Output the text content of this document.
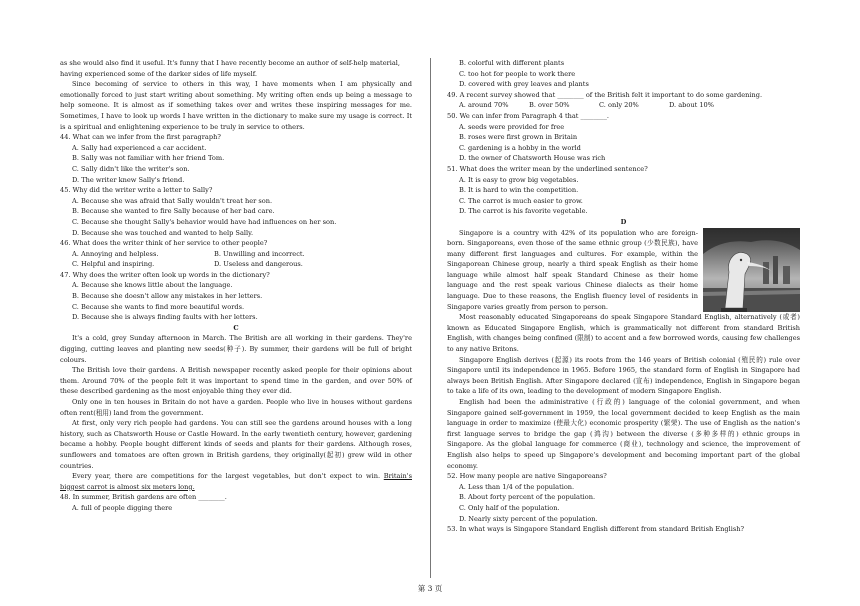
as she would also find it useful. It's funny that I have recently become an author of self-help material,

having experienced some of the darker sides of life myself.

Since becoming of service to others in this way, I have moments when I am physically and emotionally forced to just start writing about something. My writing often ends up being a message to help someone. It is almost as if something takes over and writes these inspiring messages for me. Sometimes, I have to look up words I have written in the dictionary to make sure my usage is correct. It is a spiritual and enlightening experience to be truly in service to others.

44. What can we infer from the first paragraph?

A. Sally had experienced a car accident.

B. Sally was not familiar with her friend Tom.

C. Sally didn't like the writer's son.

D. The writer knew Sally's friend.

45. Why did the writer write a letter to Sally?

A. Because she was afraid that Sally wouldn't treat her son.

B. Because she wanted to fire Sally because of her bad care.

C. Because she thought Sally's behavior would have had influences on her son.

D. Because she was touched and wanted to help Sally.

46. What does the writer think of her service to other people?

A. Annoying and helpless.	B. Unwilling and incorrect.
C. Helpful and inspiring.	D. Useless and dangerous.

47. Why does the writer often look up words in the dictionary?

A. Because she knows little about the language.

B. Because she doesn't allow any mistakes in her letters.

C. Because she wants to find more beautiful words.

D. Because she is always finding faults with her letters.

C

It's a cold, grey Sunday afternoon in March. The British are all working in their gardens. They're digging, cutting leaves and planting new seeds(种子). By summer, their gardens will be full of bright colours.

The British love their gardens. A British newspaper recently asked people for their opinions about them. Around 70% of the people felt it was important to spend time in the garden, and over 50% of these described gardening as the most enjoyable thing they ever did.

Only one in ten houses in Britain do not have a garden. People who live in houses without gardens often rent(租用) land from the government.

At first, only very rich people had gardens. You can still see the gardens around houses with a long history, such as Chatsworth House or Castle Howard. In the early twentieth century, however, gardening became a hobby. People bought different kinds of seeds and plants for their gardens. Although roses, sunflowers and tomatoes are often grown in British gardens, they originally(起初) grew wild in other countries.

Every year, there are competitions for the largest vegetables, but don't expect to win. Britain's biggest carrot is almost six meters long.

48. In summer, British gardens are often ________.

A. full of people digging there

B. colorful with different plants

C. too hot for people to work there

D. covered with grey leaves and plants

49. A recent survey showed that ________ of the British felt it important to do some gardening.

A. around 70%	B. over 50%	C. only 20%	D. about 10%

50. We can infer from Paragraph 4 that ________.

A. seeds were provided for free

B. roses were first grown in Britain

C. gardening is a hobby in the world

D. the owner of Chatsworth House was rich

51. What does the writer mean by the underlined sentence?

A. It is easy to grow big vegetables.

B. It is hard to win the competition.

C. The carrot is much easier to grow.

D. The carrot is his favorite vegetable.

D

Singapore is a country with 42% of its population who are foreign-born. Singaporeans, even those of the same ethnic group (少数民族), have many different first languages and cultures. For example, within the Singaporean Chinese group, nearly a third speak English as their home language while almost half speak Standard Chinese as their home language and the rest speak various Chinese dialects as their home language. Due to these reasons, the English fluency level of residents in Singapore varies greatly from person to person.

Most reasonably educated Singaporeans do speak Singapore Standard English, alternatively (或者) known as Educated Singapore English, which is grammatically not different from standard British English, with changes being confined (限制) to accent and a few borrowed words, causing few challenges to any native Britons.

Singapore English derives (起源) its roots from the 146 years of British colonial (殖民的) rule over Singapore until its independence in 1965. Before 1965, the standard form of English in Singapore had always been British English. After Singapore declared (宣布) independence, English in Singapore began to take a life of its own, leading to the development of modern Singapore English.

English had been the administrative (行政的) language of the colonial government, and when Singapore gained self-government in 1959, the local government decided to keep English as the main language in order to maximize (使最大化) economic prosperity (繁荣). The use of English as the nation's first language serves to bridge the gap (鸿沟) between the diverse (多种多样的) ethnic groups in Singapore. As the global language for commerce (商业), technology and science, the improvement of English also helps to speed up Singapore's development and becoming important part of the global economy.

52. How many people are native Singaporeans?

A. Less than 1/4 of the population.

B. About forty percent of the population.

C. Only half of the population.

D. Nearly sixty percent of the population.

53. In what ways is Singapore Standard English different from standard British English?

第 3 页
